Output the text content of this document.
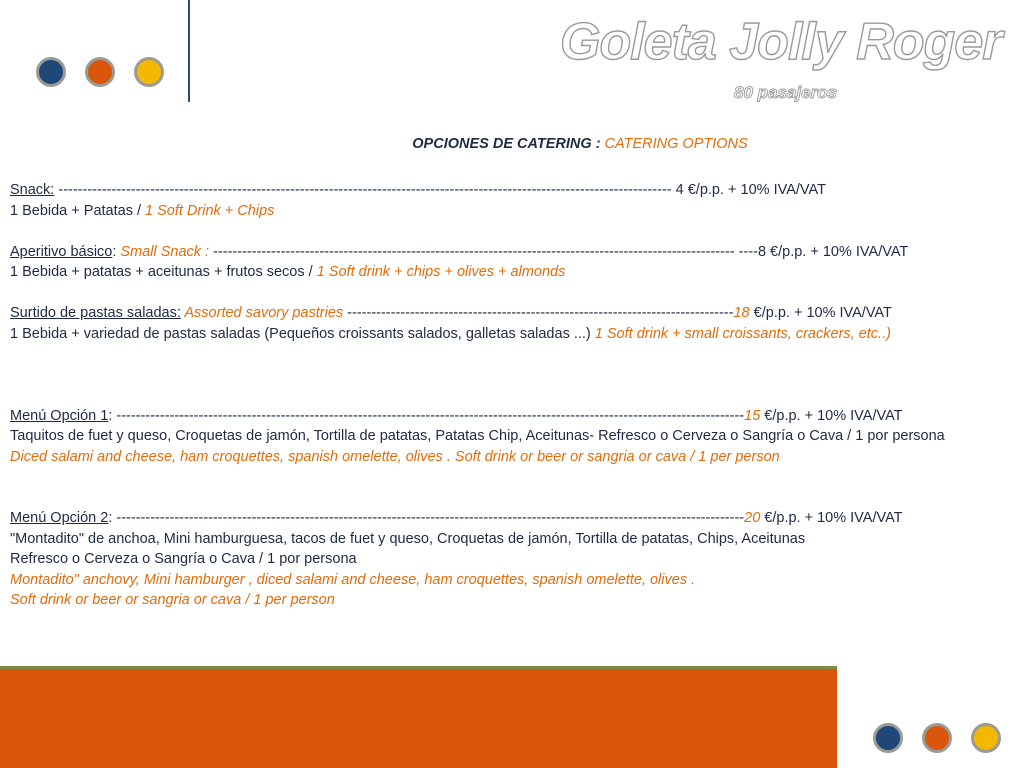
Goleta Jolly Roger
80 pasajeros
OPCIONES DE CATERING : CATERING OPTIONS
Snack: ------------------------------------------------------------------------------------------------------------------------------- 4 €/p.p. + 10% IVA/VAT
1 Bebida + Patatas / 1 Soft Drink + Chips
Aperitivo básico: Small Snack : ------------------------------------------------------------------------------------------------------------ ----8 €/p.p. + 10% IVA/VAT
1 Bebida + patatas + aceitunas + frutos secos / 1 Soft drink + chips + olives + almonds
Surtido de pastas saladas: Assorted savory pastries --------------------------------------------------------------------------------18 €/p.p. + 10% IVA/VAT
1 Bebida + variedad de pastas saladas (Pequeños croissants salados, galletas saladas ...) 1 Soft drink + small croissants, crackers, etc..)
Menú Opción 1: ----------------------------------------------------------------------------------------------------------------------------------15 €/p.p. + 10% IVA/VAT
Taquitos de fuet y queso, Croquetas de jamón, Tortilla de patatas, Patatas Chip, Aceitunas- Refresco o Cerveza o Sangría o Cava / 1 por persona
Diced salami and cheese, ham croquettes, spanish omelette, olives . Soft drink or beer or sangria or cava / 1 per person
Menú Opción 2: ----------------------------------------------------------------------------------------------------------------------------------20 €/p.p. + 10% IVA/VAT
"Montadito" de anchoa, Mini hamburguesa, tacos de fuet y queso, Croquetas de jamón, Tortilla de patatas, Chips, Aceitunas
Refresco o Cerveza o Sangría o Cava / 1 por persona
Montadito" anchovy, Mini hamburger , diced salami and cheese, ham croquettes, spanish omelette, olives .
Soft drink or beer or sangria or cava / 1 per person
